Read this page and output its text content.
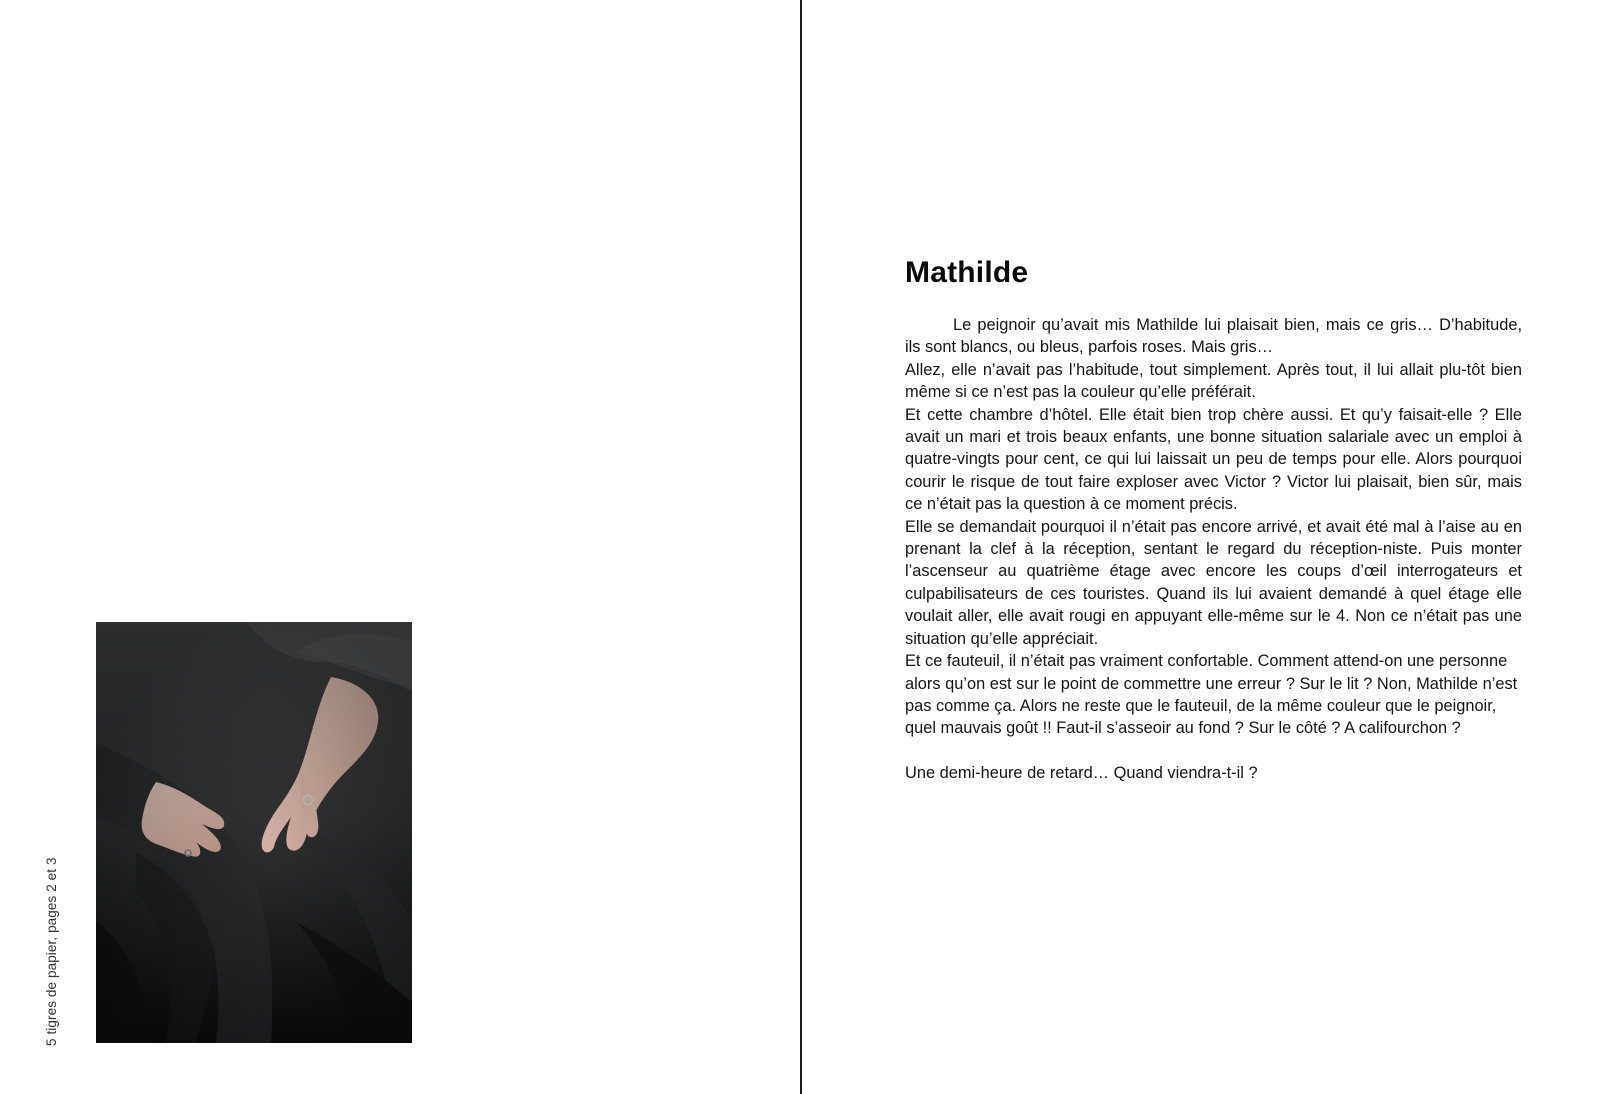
5 tigres de papier, pages 2 et 3
Mathilde

Le peignoir qu’avait mis Mathilde lui plaisait bien, mais ce gris… D’habitude, ils sont blancs, ou bleus, parfois roses. Mais gris…

Allez, elle n’avait pas l’habitude, tout simplement. Après tout, il lui allait plu-tôt bien même si ce n’est pas la couleur qu’elle préférait.

Et cette chambre d’hôtel. Elle était bien trop chère aussi. Et qu’y faisait-elle ? Elle avait un mari et trois beaux enfants, une bonne situation salariale avec un emploi à quatre-vingts pour cent, ce qui lui laissait un peu de temps pour elle. Alors pourquoi courir le risque de tout faire exploser avec Victor ? Victor lui plaisait, bien sûr, mais ce n’était pas la question à ce moment précis.

Elle se demandait pourquoi il n’était pas encore arrivé, et avait été mal à l’aise au en prenant la clef à la réception, sentant le regard du réception-niste. Puis monter l’ascenseur au quatrième étage avec encore les coups d’œil interrogateurs et culpabilisateurs de ces touristes. Quand ils lui avaient demandé à quel étage elle voulait aller, elle avait rougi en appuyant elle-même sur le 4. Non ce n’était pas une situation qu’elle appréciait.

Et ce fauteuil, il n’était pas vraiment confortable. Comment attend-on une personne alors qu’on est sur le point de commettre une erreur ? Sur le lit ? Non, Mathilde n’est pas comme ça. Alors ne reste que le fauteuil, de la même couleur que le peignoir, quel mauvais goût !! Faut-il s’asseoir au fond ? Sur le côté ? A califourchon ?

Une demi-heure de retard… Quand viendra-t-il ?
